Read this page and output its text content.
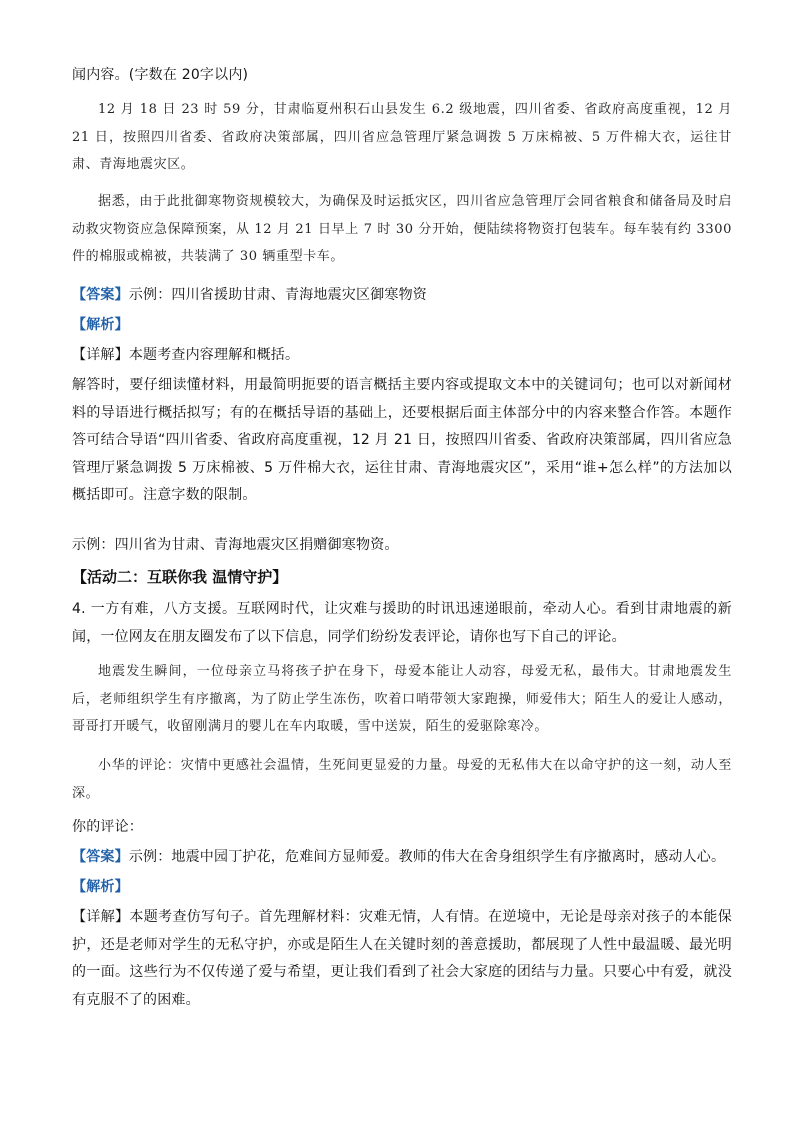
闻内容。(字数在 20字以内)

12 月 18 日 23 时 59 分，甘肃临夏州积石山县发生 6.2 级地震，四川省委、省政府高度重视，12 月 21 日，按照四川省委、省政府决策部属，四川省应急管理厅紧急调拨 5 万床棉被、5 万件棉大衣，运往甘肃、青海地震灾区。

据悉，由于此批御寒物资规模较大，为确保及时运抵灾区，四川省应急管理厅会同省粮食和储备局及时启动救灾物资应急保障预案，从 12 月 21 日早上 7 时 30 分开始，便陆续将物资打包装车。每车装有约 3300 件的棉服或棉被，共装满了 30 辆重型卡车。

【答案】示例：四川省援助甘肃、青海地震灾区御寒物资

【解析】

【详解】本题考查内容理解和概括。

解答时，要仔细读懂材料，用最简明扼要的语言概括主要内容或提取文本中的关键词句；也可以对新闻材料的导语进行概括拟写；有的在概括导语的基础上，还要根据后面主体部分中的内容来整合作答。本题作答可结合导语“四川省委、省政府高度重视，12 月 21 日，按照四川省委、省政府决策部属，四川省应急管理厅紧急调拨 5 万床棉被、5 万件棉大衣，运往甘肃、青海地震灾区”，采用“谁+怎么样”的方法加以概括即可。注意字数的限制。

示例：四川省为甘肃、青海地震灾区捐赠御寒物资。

【活动二：互联你我 温情守护】

4. 一方有难，八方支援。互联网时代，让灾难与援助的时讯迅速递眼前，牵动人心。看到甘肃地震的新闻，一位网友在朋友圈发布了以下信息，同学们纷纷发表评论，请你也写下自己的评论。

地震发生瞬间，一位母亲立马将孩子护在身下，母爱本能让人动容，母爱无私，最伟大。甘肃地震发生后，老师组织学生有序撤离，为了防止学生冻伤，吹着口哨带领大家跑操，师爱伟大；陌生人的爱让人感动，哥哥打开暖气，收留刚满月的婴儿在车内取暖，雪中送炭，陌生的爱驱除寒冷。

小华的评论：灾情中更感社会温情，生死间更显爱的力量。母爱的无私伟大在以命守护的这一刻，动人至深。

你的评论：

【答案】示例：地震中园丁护花，危难间方显师爱。教师的伟大在舍身组织学生有序撤离时，感动人心。

【解析】

【详解】本题考查仿写句子。首先理解材料：灾难无情，人有情。在逆境中，无论是母亲对孩子的本能保护，还是老师对学生的无私守护，亦或是陌生人在关键时刻的善意援助，都展现了人性中最温暖、最光明的一面。这些行为不仅传递了爱与希望，更让我们看到了社会大家庭的团结与力量。只要心中有爱，就没有克服不了的困难。
